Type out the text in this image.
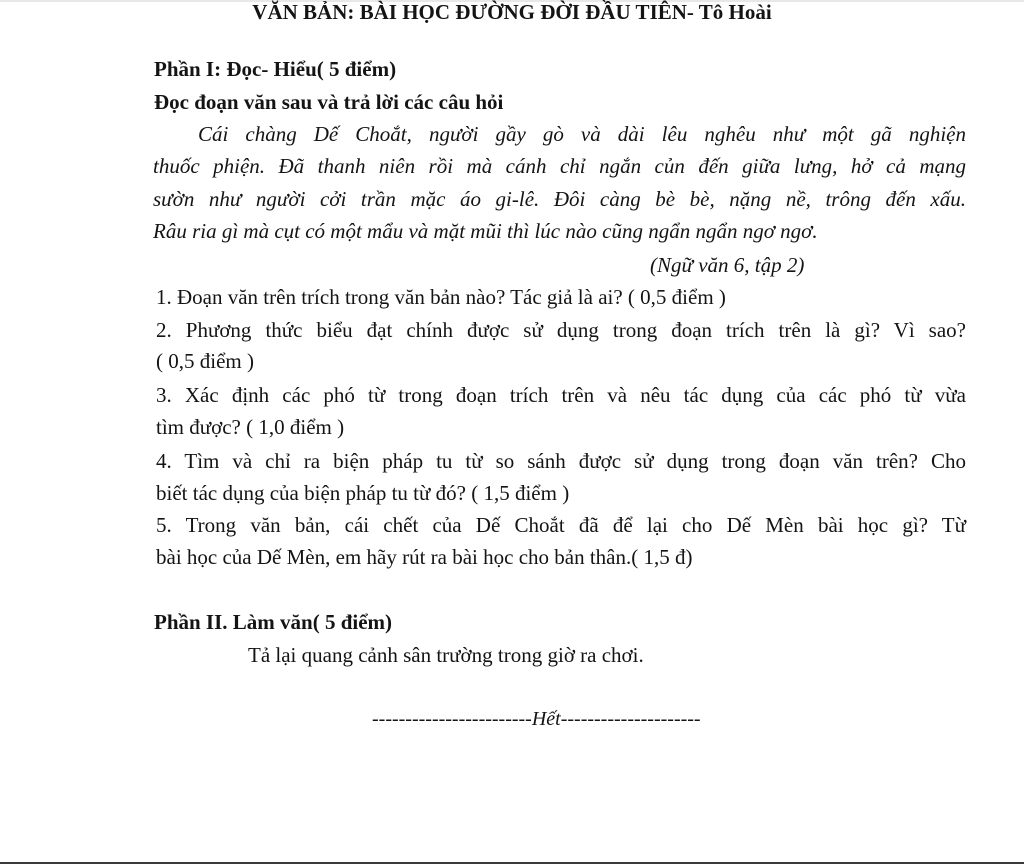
VĂN BẢN: BÀI HỌC ĐƯỜNG ĐỜI ĐẦU TIÊN- Tô Hoài
Phần I: Đọc- Hiểu( 5 điểm)
Đọc đoạn văn sau và trả lời các câu hỏi
Cái chàng Dế Choắt, người gầy gò và dài lêu nghêu như một gã nghiện
thuốc phiện. Đã thanh niên rồi mà cánh chỉ ngắn củn đến giữa lưng, hở cả mạng
sườn như người cởi trần mặc áo gi-lê. Đôi càng bè bè, nặng nề, trông đến xấu.
Râu ria gì mà cụt có một mẩu và mặt mũi thì lúc nào cũng ngẩn ngẩn ngơ ngơ.
(Ngữ văn 6, tập 2)
1. Đoạn văn trên trích trong văn bản nào? Tác giả là ai? ( 0,5 điểm )
2. Phương thức biểu đạt chính được sử dụng trong đoạn trích trên là gì? Vì sao?
( 0,5 điểm )
3. Xác định các phó từ trong đoạn trích trên và nêu tác dụng của các phó từ vừa
tìm được? ( 1,0 điểm )
4. Tìm và chỉ ra biện pháp tu từ so sánh được sử dụng trong đoạn văn trên? Cho
biết tác dụng của biện pháp tu từ đó? ( 1,5 điểm )
5. Trong văn bản, cái chết của Dế Choắt đã để lại cho Dế Mèn bài học gì? Từ
bài học của Dế Mèn, em hãy rút ra bài học cho bản thân.( 1,5 đ)
Phần II. Làm văn( 5 điểm)
Tả lại quang cảnh sân trường trong giờ ra chơi.
------------------------Hết---------------------
